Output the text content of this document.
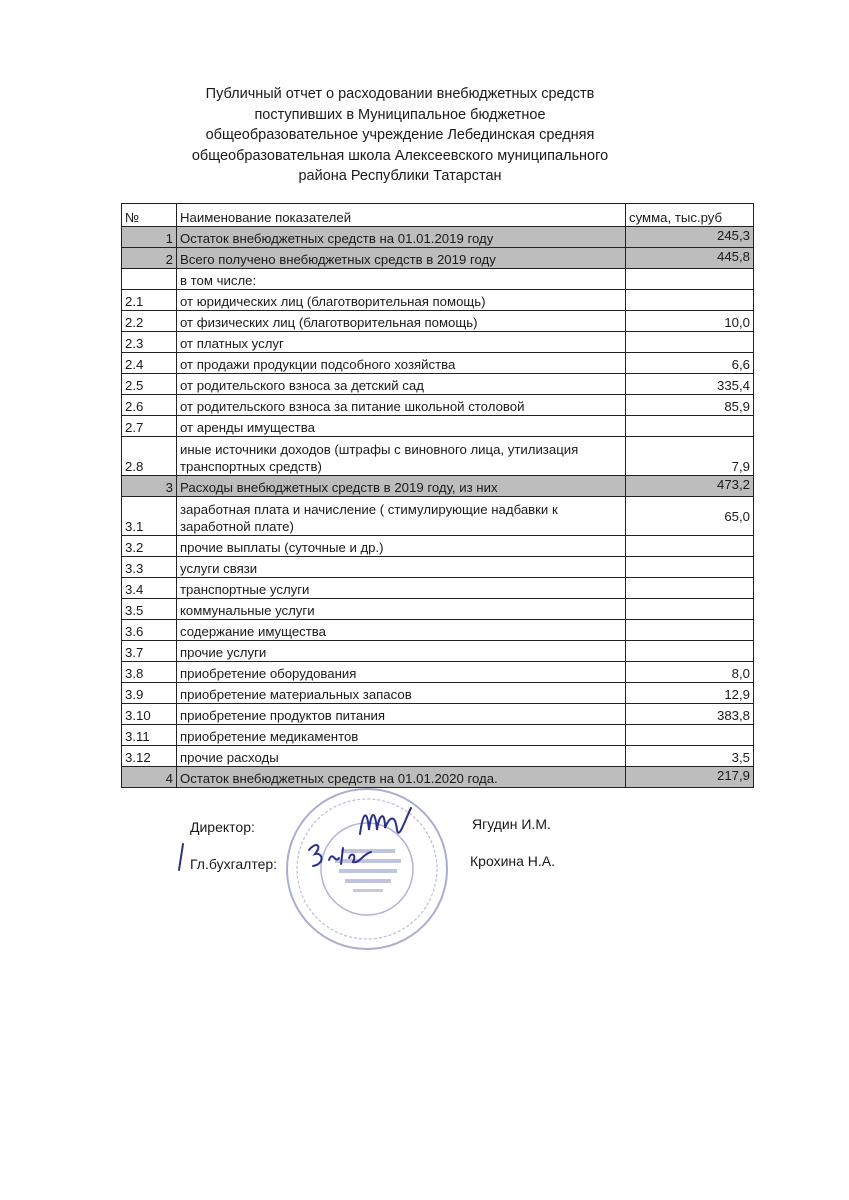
Публичный отчет о расходовании внебюджетных средств
поступивших в Муниципальное бюджетное
общеобразовательное учреждение Лебединская средняя
общеобразовательная школа Алексеевского муниципального
района Республики Татарстан
№	Наименование показателей	сумма, тыс.руб
1	Остаток внебюджетных средств на 01.01.2019 году	245,3
2	Всего получено внебюджетных средств в 2019 году	445,8
	в том числе:	
2.1	от юридических лиц (благотворительная помощь)	
2.2	от физических лиц (благотворительная помощь)	10,0
2.3	от платных услуг	
2.4	от продажи продукции подсобного хозяйства	6,6
2.5	от родительского взноса за детский сад	335,4
2.6	от родительского взноса за питание школьной столовой	85,9
2.7	от аренды имущества	
2.8	иные источники доходов (штрафы с виновного лица, утилизация транспортных средств)	7,9
3	Расходы внебюджетных средств в 2019 году, из них	473,2
3.1	заработная плата и начисление ( стимулирующие надбавки к заработной плате)	65,0
3.2	прочие выплаты (суточные и др.)	
3.3	услуги связи	
3.4	транспортные услуги	
3.5	коммунальные услуги	
3.6	содержание имущества	
3.7	прочие услуги	
3.8	приобретение оборудования	8,0
3.9	приобретение материальных запасов	12,9
3.10	приобретение продуктов питания	383,8
3.11	приобретение медикаментов	
3.12	прочие расходы	3,5
4	Остаток внебюджетных средств на 01.01.2020 года.	217,9
Директор:	Ягудин И.М.
Гл.бухгалтер:	Крохина Н.А.
